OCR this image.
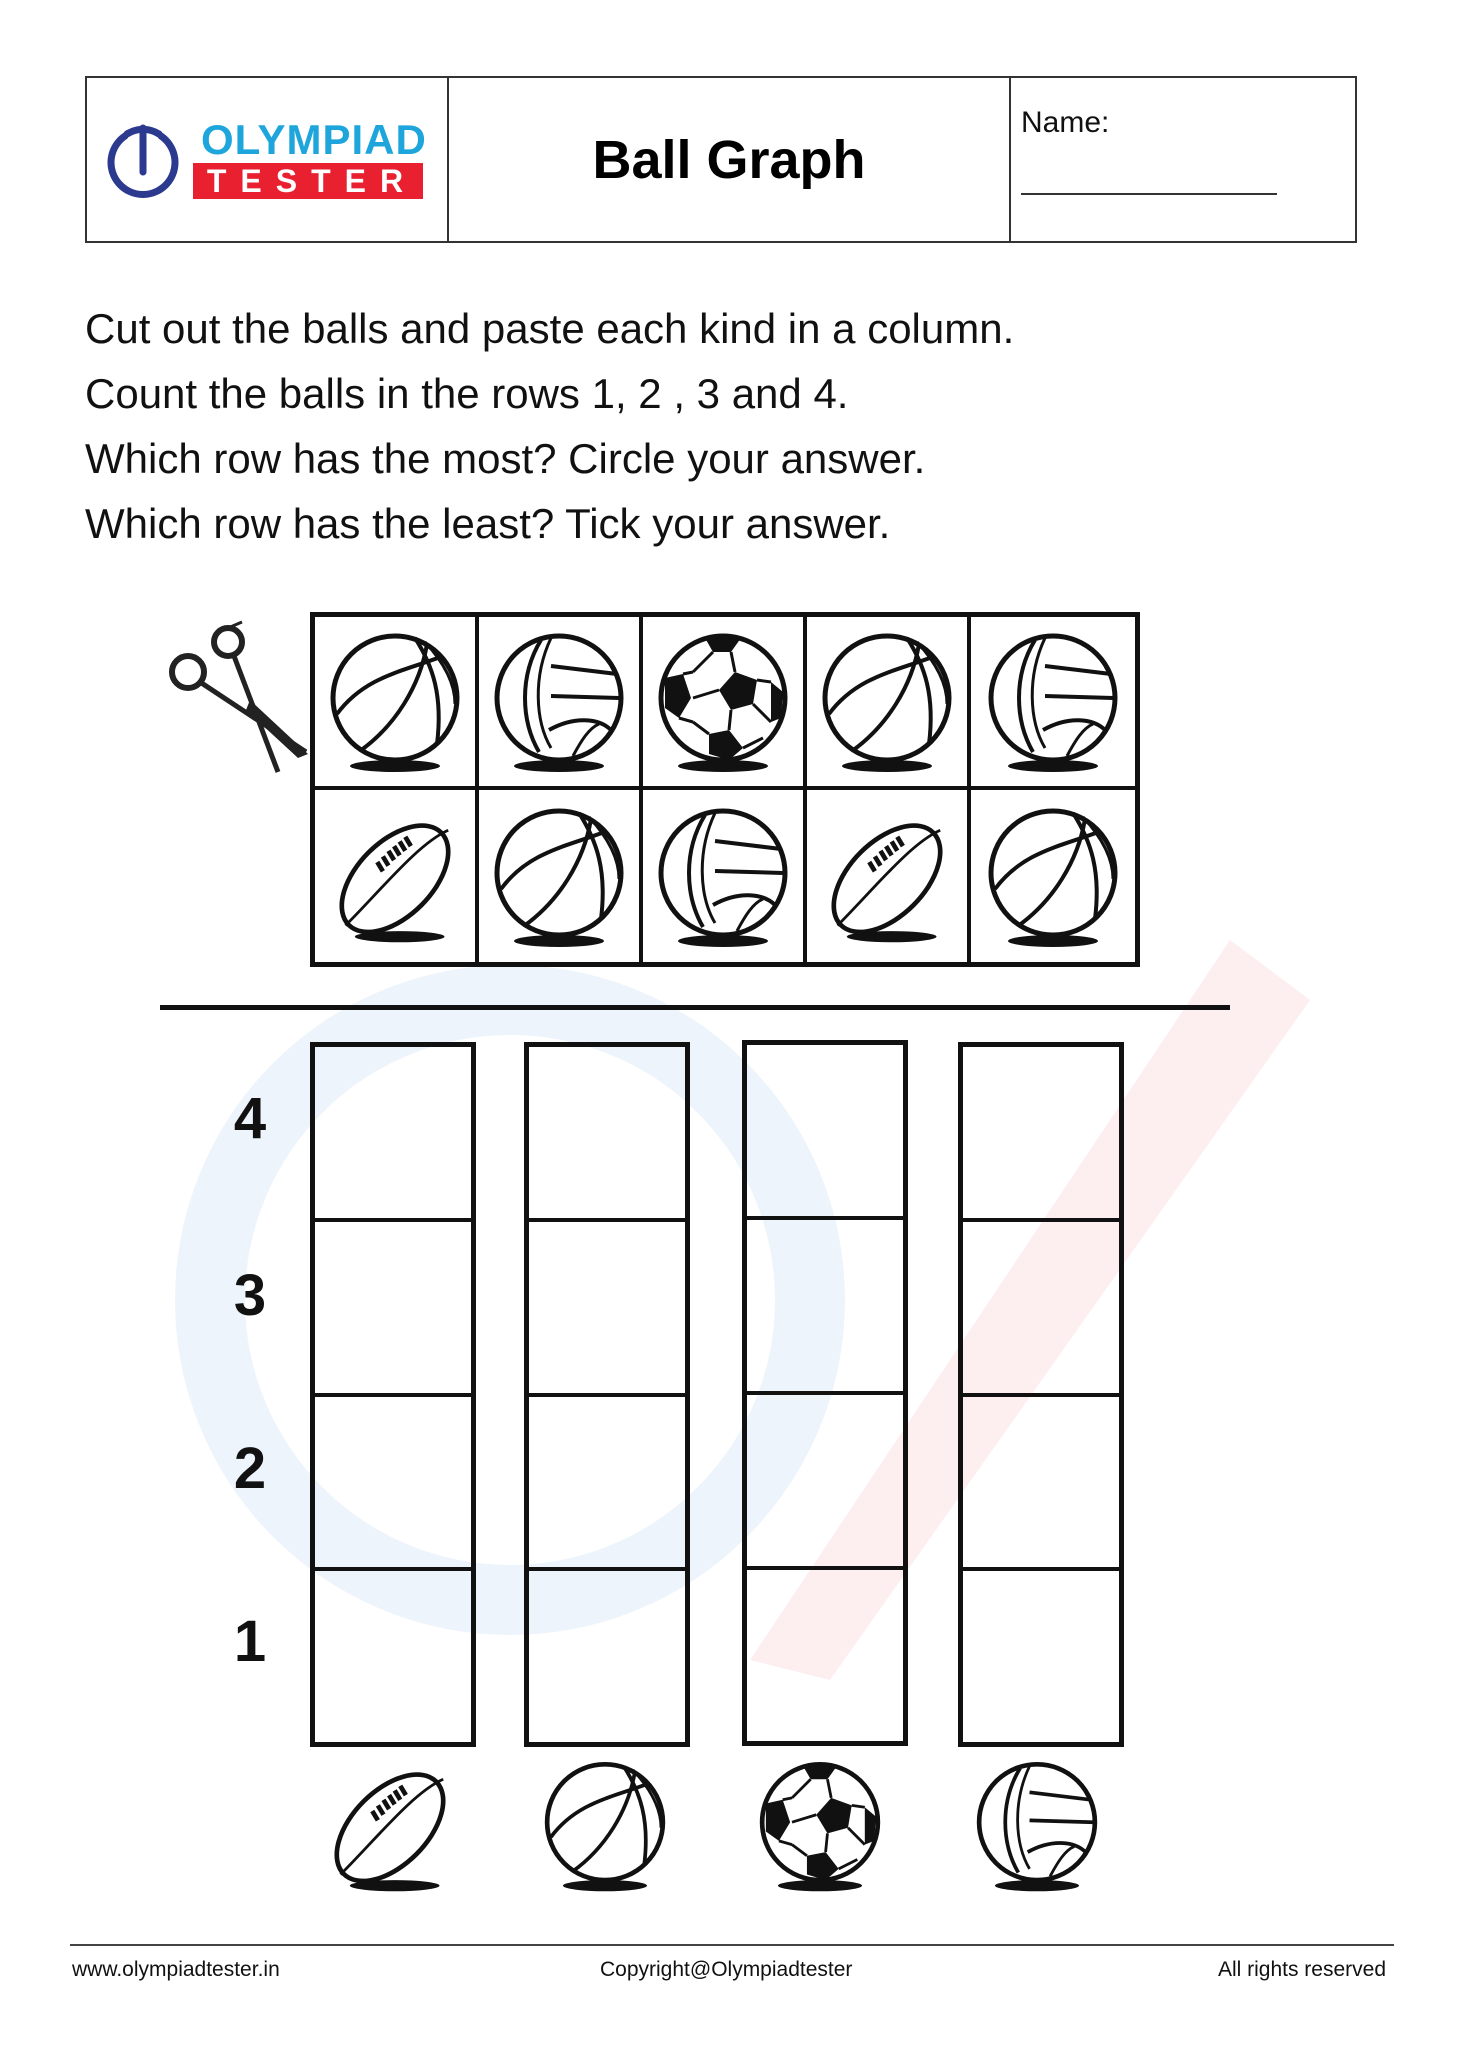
OLYMPIAD
TESTER	Ball Graph
Name:
Cut out the balls and paste each kind in a column.
Count the balls in the rows 1, 2 , 3 and 4.
Which row has the most? Circle your answer.
Which row has the least? Tick your answer.
4
3
2
1
www.olympiadtester.in	Copyright@Olympiadtester	All rights reserved
